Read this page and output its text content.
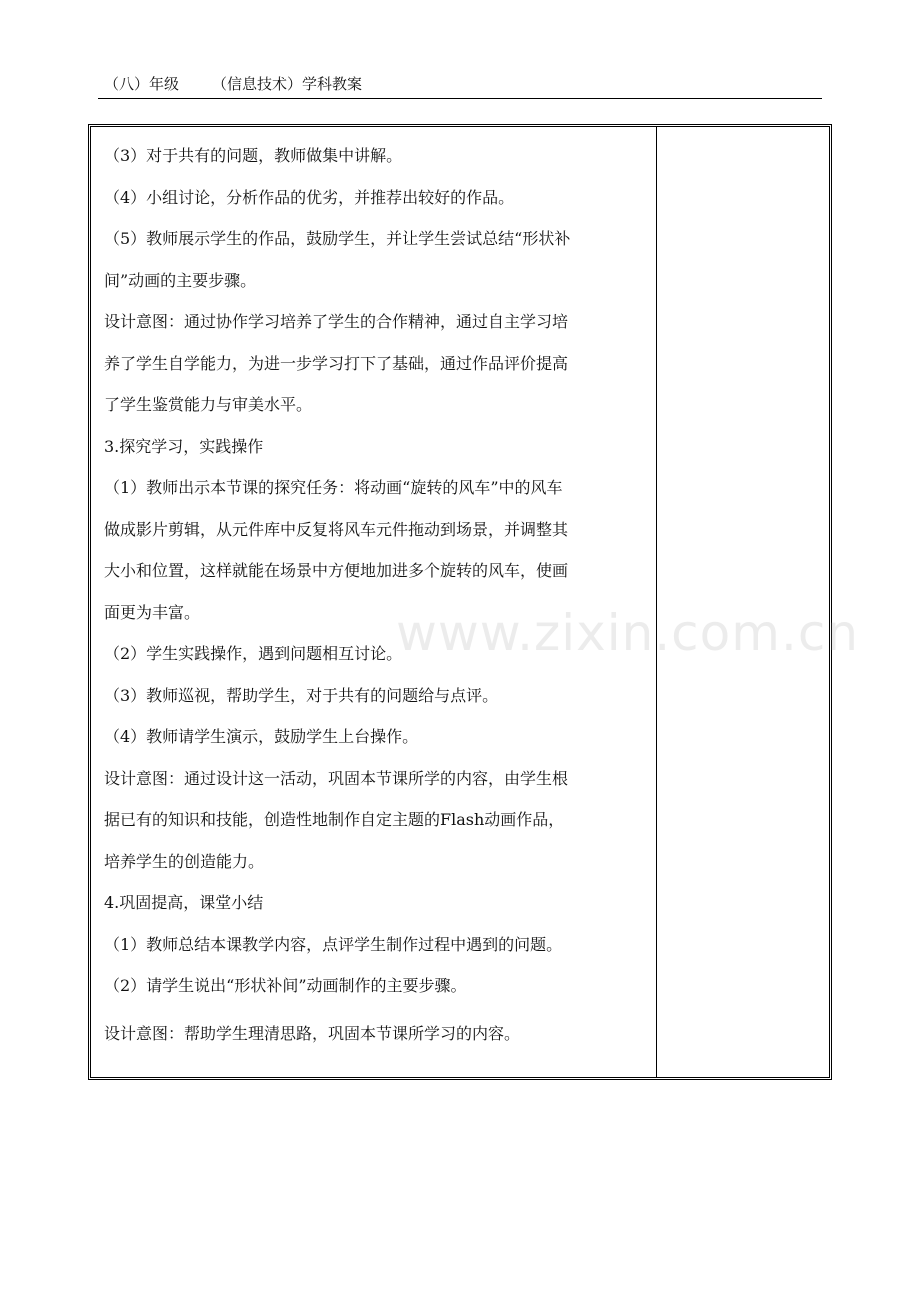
（八）年级 （信息技术）学科教案

（3）对于共有的问题，教师做集中讲解。

（4）小组讨论，分析作品的优劣，并推荐出较好的作品。

（5）教师展示学生的作品，鼓励学生，并让学生尝试总结“形状补

间”动画的主要步骤。

设计意图：通过协作学习培养了学生的合作精神，通过自主学习培

养了学生自学能力，为进一步学习打下了基础，通过作品评价提高

了学生鉴赏能力与审美水平。

3.探究学习，实践操作

（1）教师出示本节课的探究任务：将动画“旋转的风车”中的风车

做成影片剪辑，从元件库中反复将风车元件拖动到场景，并调整其

大小和位置，这样就能在场景中方便地加进多个旋转的风车，使画

面更为丰富。

（2）学生实践操作，遇到问题相互讨论。

（3）教师巡视，帮助学生，对于共有的问题给与点评。

（4）教师请学生演示，鼓励学生上台操作。

设计意图：通过设计这一活动，巩固本节课所学的内容，由学生根

据已有的知识和技能，创造性地制作自定主题的Flash动画作品，

培养学生的创造能力。

4.巩固提高，课堂小结

（1）教师总结本课教学内容，点评学生制作过程中遇到的问题。

（2）请学生说出“形状补间”动画制作的主要步骤。

设计意图：帮助学生理清思路，巩固本节课所学习的内容。

www.zixin.com.cn
